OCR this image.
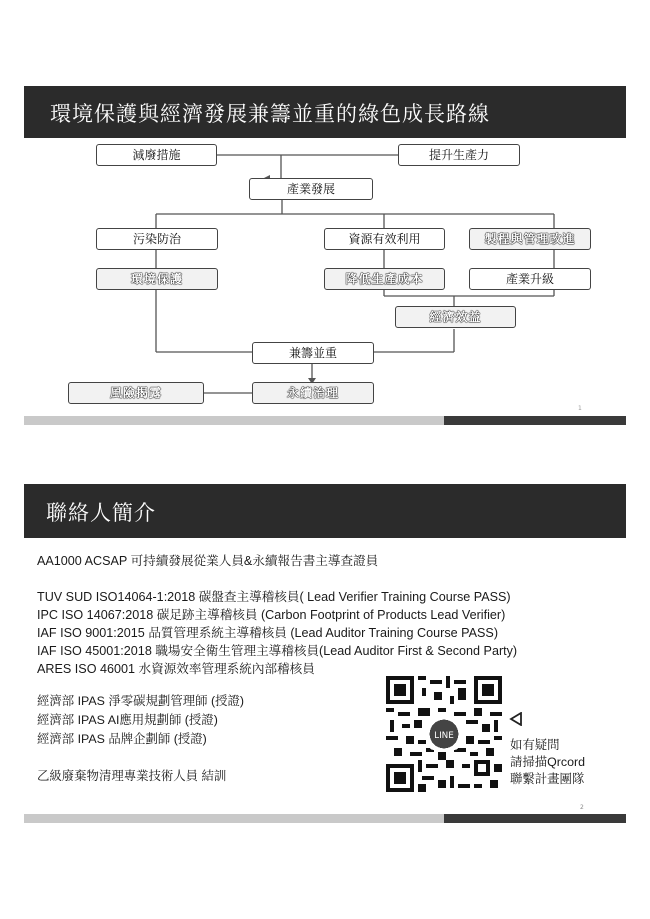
環境保護與經濟發展兼籌並重的綠色成長路線
1
減廢措施	提升生產力
產業發展
污染防治	資源有效利用	製程與管理改進
環境保護	降低生產成本	產業升級
經濟效益
兼籌並重
風險揭露	永續治理
聯絡人簡介
AA1000 ACSAP 可持續發展從業人員&永續報告書主導查證員
TUV SUD ISO14064-1:2018 碳盤查主導稽核員( Lead Verifier Training Course PASS)
IPC ISO 14067:2018 碳足跡主導稽核員 (Carbon Footprint of Products Lead Verifier)
IAF ISO 9001:2015 品質管理系統主導稽核員 (Lead Auditor Training Course PASS)
IAF ISO 45001:2018 職場安全衛生管理主導稽核員(Lead Auditor First & Second Party)
ARES ISO 46001 水資源效率管理系統內部稽核員
經濟部 IPAS 淨零碳規劃管理師 (授證)
經濟部 IPAS AI應用規劃師 (授證)
經濟部 IPAS 品牌企劃師 (授證)
乙級廢棄物清理專業技術人員 結訓
LINE
如有疑問
請掃描Qrcord
聯繫計畫團隊
2
